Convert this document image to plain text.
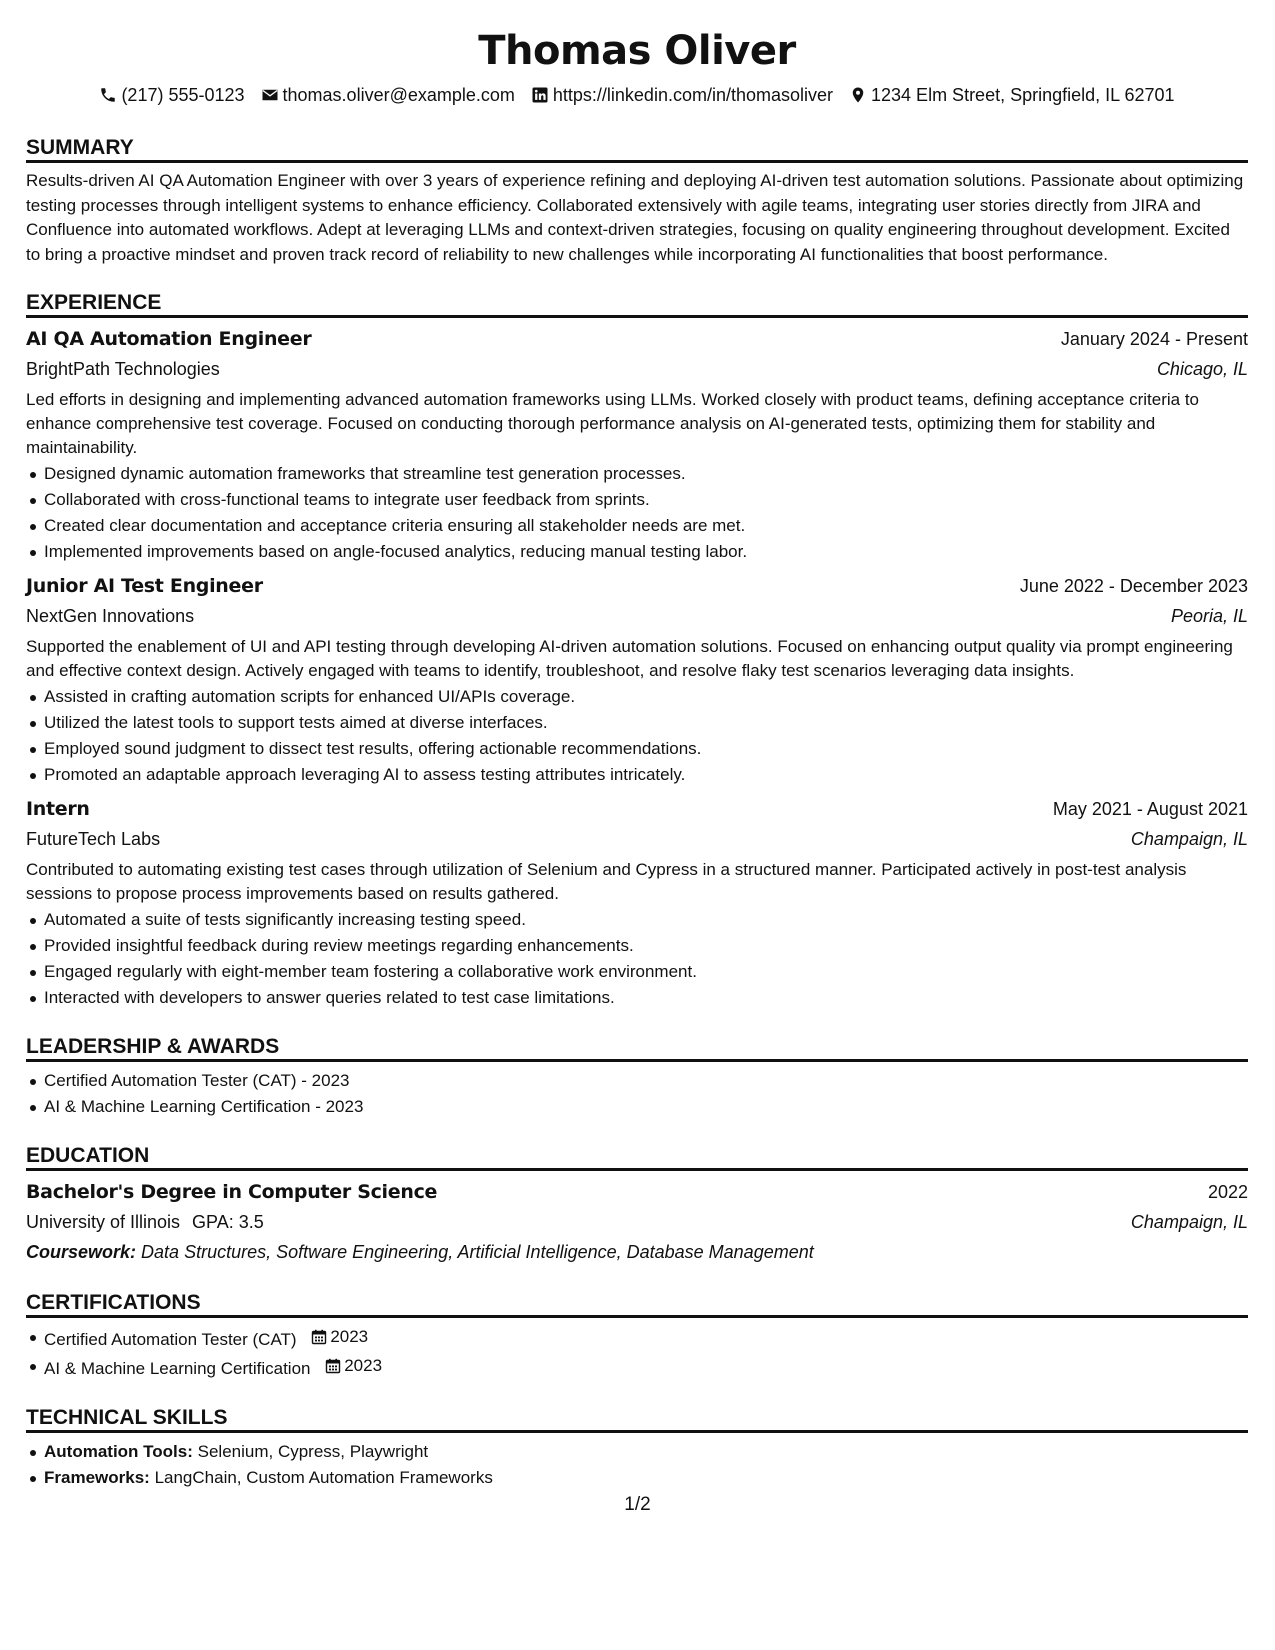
Thomas Oliver
(217) 555-0123 thomas.oliver@example.com https://linkedin.com/in/thomasoliver 1234 Elm Street, Springfield, IL 62701
SUMMARY
Results-driven AI QA Automation Engineer with over 3 years of experience refining and deploying AI-driven test automation solutions. Passionate about optimizing testing processes through intelligent systems to enhance efficiency. Collaborated extensively with agile teams, integrating user stories directly from JIRA and Confluence into automated workflows. Adept at leveraging LLMs and context-driven strategies, focusing on quality engineering throughout development. Excited to bring a proactive mindset and proven track record of reliability to new challenges while incorporating AI functionalities that boost performance.
EXPERIENCE
AI QA Automation Engineer	January 2024 - Present
BrightPath Technologies	Chicago, IL
Led efforts in designing and implementing advanced automation frameworks using LLMs. Worked closely with product teams, defining acceptance criteria to enhance comprehensive test coverage. Focused on conducting thorough performance analysis on AI-generated tests, optimizing them for stability and maintainability.
Designed dynamic automation frameworks that streamline test generation processes.
Collaborated with cross-functional teams to integrate user feedback from sprints.
Created clear documentation and acceptance criteria ensuring all stakeholder needs are met.
Implemented improvements based on angle-focused analytics, reducing manual testing labor.
Junior AI Test Engineer	June 2022 - December 2023
NextGen Innovations	Peoria, IL
Supported the enablement of UI and API testing through developing AI-driven automation solutions. Focused on enhancing output quality via prompt engineering and effective context design. Actively engaged with teams to identify, troubleshoot, and resolve flaky test scenarios leveraging data insights.
Assisted in crafting automation scripts for enhanced UI/APIs coverage.
Utilized the latest tools to support tests aimed at diverse interfaces.
Employed sound judgment to dissect test results, offering actionable recommendations.
Promoted an adaptable approach leveraging AI to assess testing attributes intricately.
Intern	May 2021 - August 2021
FutureTech Labs	Champaign, IL
Contributed to automating existing test cases through utilization of Selenium and Cypress in a structured manner. Participated actively in post-test analysis sessions to propose process improvements based on results gathered.
Automated a suite of tests significantly increasing testing speed.
Provided insightful feedback during review meetings regarding enhancements.
Engaged regularly with eight-member team fostering a collaborative work environment.
Interacted with developers to answer queries related to test case limitations.
LEADERSHIP & AWARDS
Certified Automation Tester (CAT) - 2023
AI & Machine Learning Certification - 2023
EDUCATION
Bachelor's Degree in Computer Science	2022
University of Illinois GPA: 3.5	Champaign, IL
Coursework: Data Structures, Software Engineering, Artificial Intelligence, Database Management
CERTIFICATIONS
Certified Automation Tester (CAT) 2023
AI & Machine Learning Certification 2023
TECHNICAL SKILLS
Automation Tools: Selenium, Cypress, Playwright
Frameworks: LangChain, Custom Automation Frameworks
1/2
